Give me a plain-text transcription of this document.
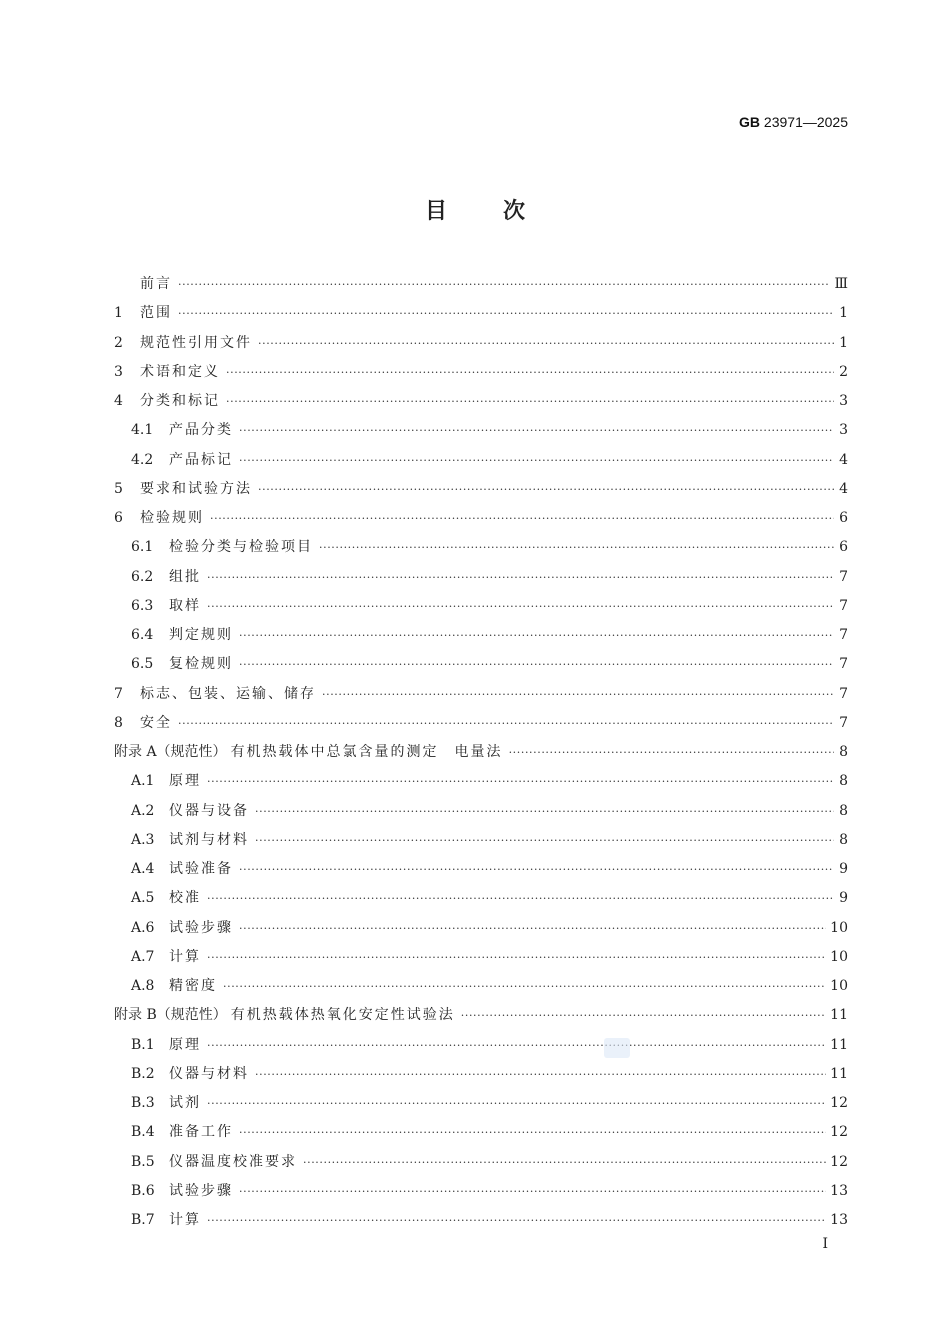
GB 23971—2025
目次
前言 ·····	Ⅲ
1	范围 ·····	1
2	规范性引用文件 ·····	1
3	术语和定义 ·····	2
4	分类和标记 ·····	3
4.1	产品分类 ·····	3
4.2	产品标记 ·····	4
5	要求和试验方法 ·····	4
6	检验规则 ·····	6
6.1	检验分类与检验项目 ·····	6
6.2	组批 ·····	7
6.3	取样 ·····	7
6.4	判定规则 ·····	7
6.5	复检规则 ·····	7
7	标志、包装、运输、储存 ·····	7
8	安全 ·····	7
附录 A（规范性） 有机热载体中总氯含量的测定　电量法 ·····	8
A.1	原理 ·····	8
A.2	仪器与设备 ·····	8
A.3	试剂与材料 ·····	8
A.4	试验准备 ·····	9
A.5	校准 ·····	9
A.6	试验步骤 ·····	10
A.7	计算 ·····	10
A.8	精密度 ·····	10
附录 B（规范性） 有机热载体热氧化安定性试验法 ·····	11
B.1	原理 ·····	11
B.2	仪器与材料 ·····	11
B.3	试剂 ·····	12
B.4	准备工作 ·····	12
B.5	仪器温度校准要求 ·····	12
B.6	试验步骤 ·····	13
B.7	计算 ·····	13
Ⅰ
